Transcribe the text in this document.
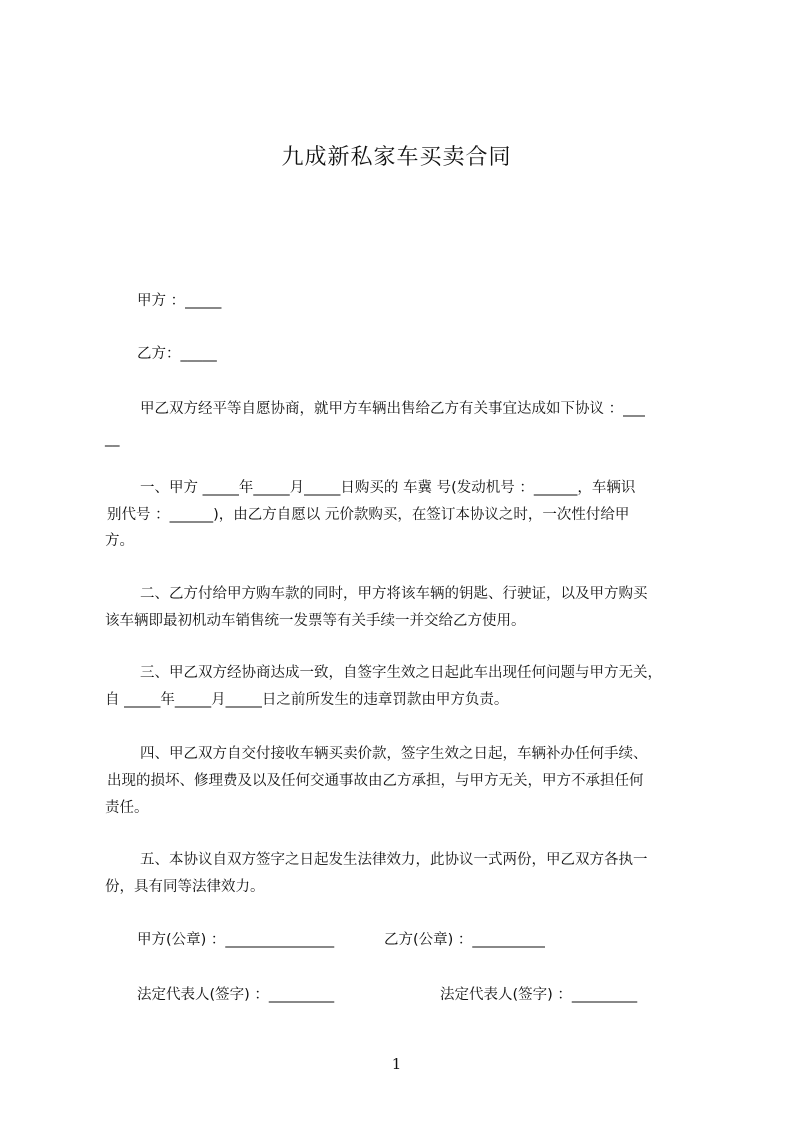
九成新私家车买卖合同
甲方 ：_____
乙方：_____
甲乙双方经平等自愿协商，就甲方车辆出售给乙方有关事宜达成如下协议 ：___
__
一、甲方 _____年_____月_____日购买的 车冀 号(发动机号 ：______，车辆识
别代号 ：______)，由乙方自愿以 元价款购买，在签订本协议之时，一次性付给甲
方。
二、乙方付给甲方购车款的同时，甲方将该车辆的钥匙、行驶证，以及甲方购买
该车辆即最初机动车销售统一发票等有关手续一并交给乙方使用。
三、甲乙双方经协商达成一致，自签字生效之日起此车出现任何问题与甲方无关，
自 _____年_____月_____日之前所发生的违章罚款由甲方负责。
四、甲乙双方自交付接收车辆买卖价款，签字生效之日起，车辆补办任何手续、
出现的损坏、修理费及以及任何交通事故由乙方承担，与甲方无关，甲方不承担任何
责任。
五、本协议自双方签字之日起发生法律效力，此协议一式两份，甲乙双方各执一
份，具有同等法律效力。
甲方(公章) ：_______________	乙方(公章) ：__________
法定代表人(签字) ：_________	法定代表人(签字) ：_________
1
